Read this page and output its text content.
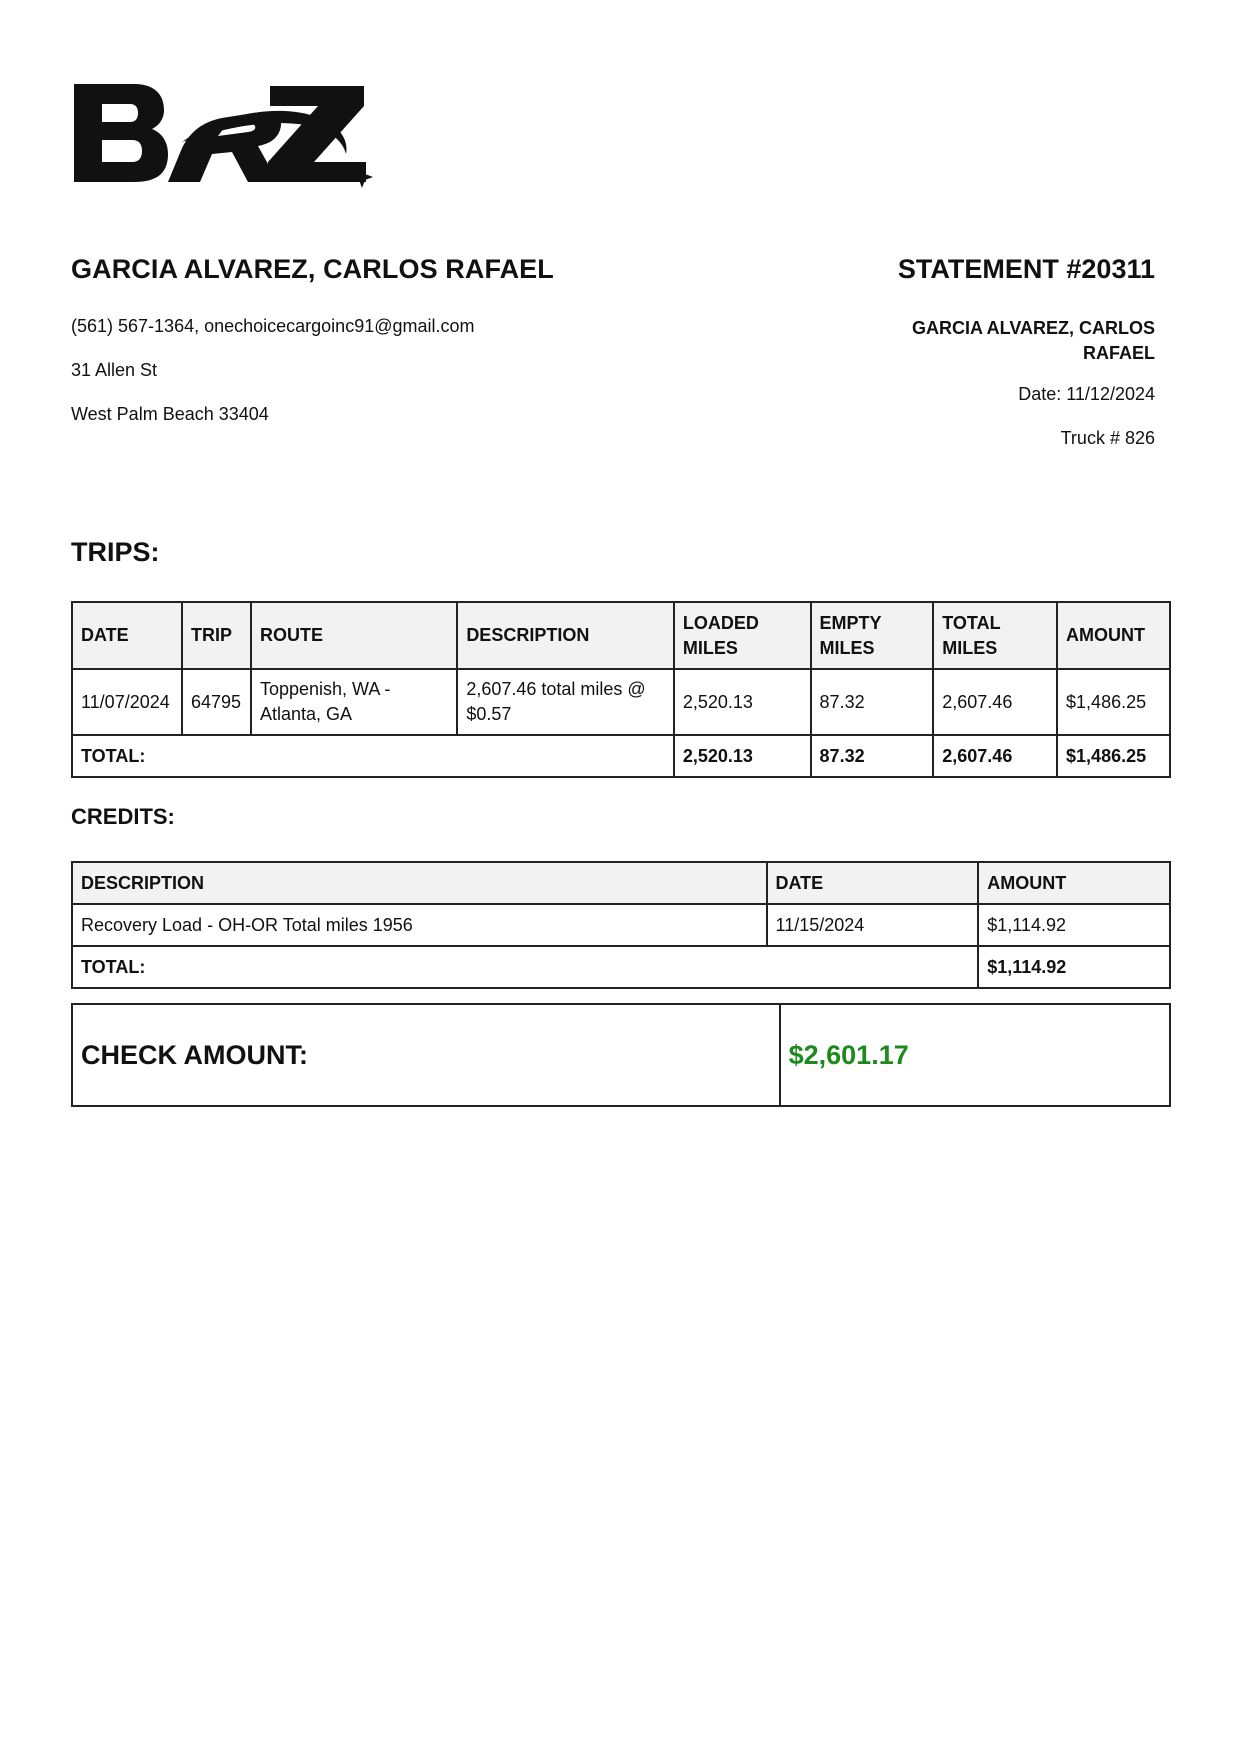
GARCIA ALVAREZ, CARLOS RAFAEL
(561) 567-1364, onechoicecargoinc91@gmail.com
31 Allen St
West Palm Beach 33404
STATEMENT #20311
GARCIA ALVAREZ, CARLOS RAFAEL
Date: 11/12/2024
Truck # 826
TRIPS:
DATE	TRIP	ROUTE	DESCRIPTION	LOADED MILES	EMPTY MILES	TOTAL MILES	AMOUNT
11/07/2024	64795	Toppenish, WA - Atlanta, GA	2,607.46 total miles @ $0.57	2,520.13	87.32	2,607.46	$1,486.25
TOTAL:				2,520.13	87.32	2,607.46	$1,486.25
CREDITS:
DESCRIPTION	DATE	AMOUNT
Recovery Load - OH-OR Total miles 1956	11/15/2024	$1,114.92
TOTAL:		$1,114.92
CHECK AMOUNT:	$2,601.17
